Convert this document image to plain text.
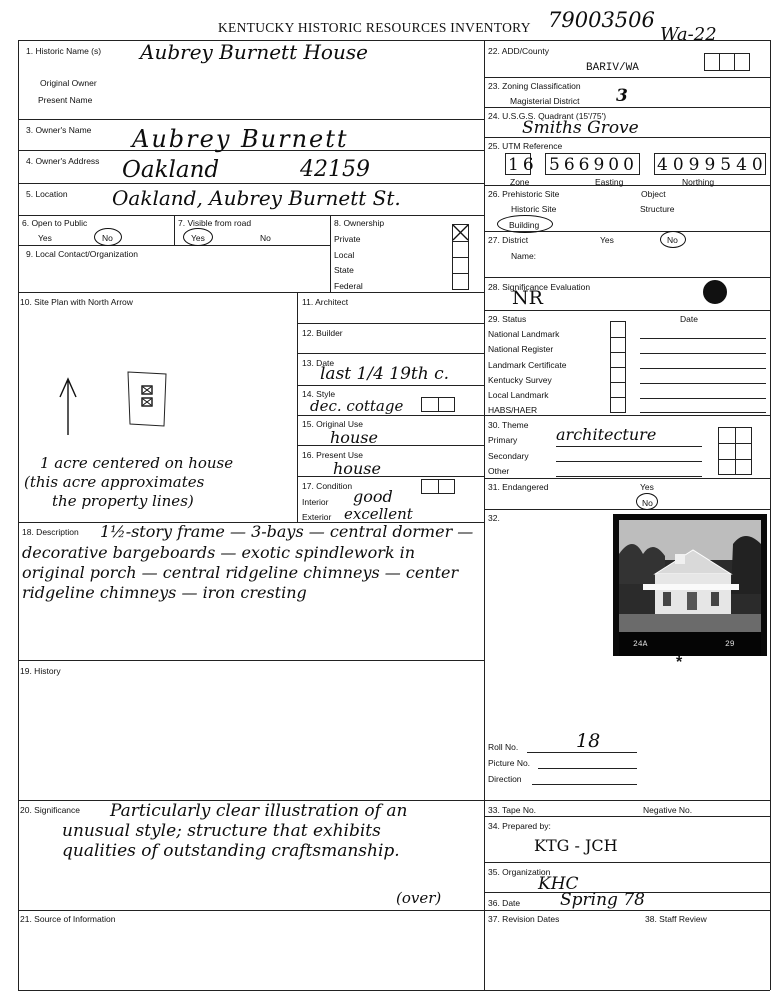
KENTUCKY HISTORIC RESOURCES INVENTORY 79003506
Wa-22
1. Historic Name (s) Aubrey Burnett House
Original Owner
Present Name
3. Owner's Name Aubrey Burnett
4. Owner's Address Oakland	42159
5. Location Oakland, Aubrey Burnett St.
6. Open to Public
Yes	No
7. Visible from road
Yes	No
8. Ownership
Private
Local
State
Federal
9. Local Contact/Organization
10. Site Plan with North Arrow
1 acre centered on house
(this acre approximates
the property lines)
11. Architect
12. Builder
13. Date
last 1/4 19th c.
14. Style
dec. cottage
15. Original Use
house
16. Present Use
house
17. Condition
Interior good
Exterior excellent
18. Description 1½-story frame — 3-bays — central dormer —
decorative bargeboards — exotic spindlework in
original porch — central ridgeline chimneys — center
ridgeline chimneys — iron cresting
19. History
20. Significance Particularly clear illustration of an
unusual style; structure that exhibits
qualities of outstanding craftsmanship.
(over)
21. Source of Information
22. ADD/County
BARIV/WA
23. Zoning Classification
Magisterial District 3
24. U.S.G.S. Quadrant (15'/75')
Smiths Grove
25. UTM Reference
16 566900 4099540
Zone	Easting	Northing
26. Prehistoric Site	Object
Historic Site	Structure
Building
27. District	Yes	No
Name:
28. Significance Evaluation
NR
29. Status	Date
National Landmark
National Register
Landmark Certificate
Kentucky Survey
Local Landmark
HABS/HAER
30. Theme
Primary architecture
Secondary
Other
31. Endangered	Yes
No
32.
24A	29
*
Roll No.	18
Picture No.
Direction
33. Tape No.	Negative No.
34. Prepared by:
KTG - JCH
35. Organization
KHC
36. Date Spring 78
37. Revision Dates	38. Staff Review
